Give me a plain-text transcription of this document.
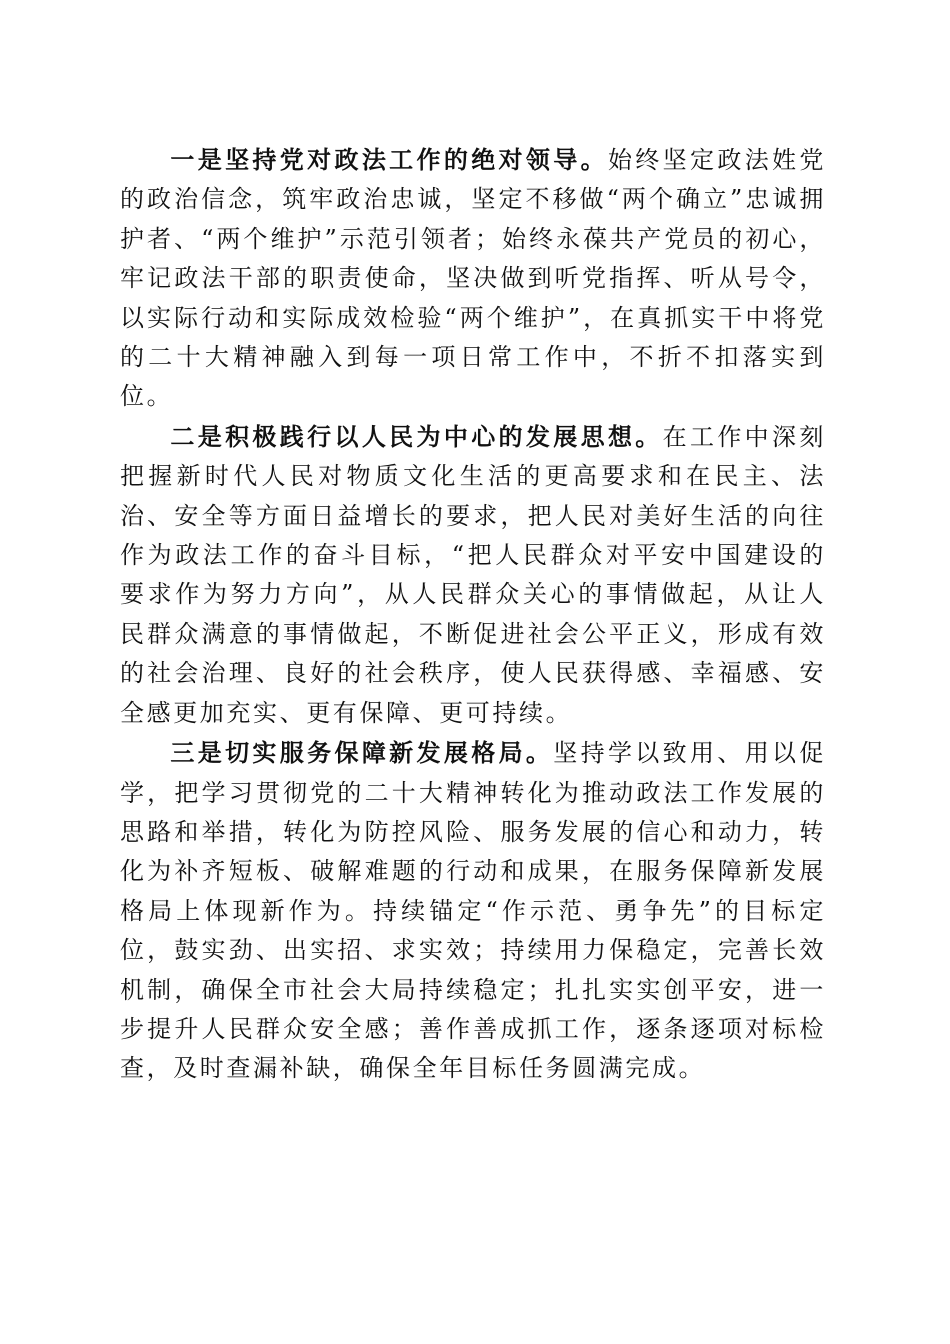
一是坚持党对政法工作的绝对领导。始终坚定政法姓党的政治信念，筑牢政治忠诚，坚定不移做“两个确立”忠诚拥护者、“两个维护”示范引领者；始终永葆共产党员的初心，牢记政法干部的职责使命，坚决做到听党指挥、听从号令，以实际行动和实际成效检验“两个维护”，在真抓实干中将党的二十大精神融入到每一项日常工作中，不折不扣落实到位。

二是积极践行以人民为中心的发展思想。在工作中深刻把握新时代人民对物质文化生活的更高要求和在民主、法治、安全等方面日益增长的要求，把人民对美好生活的向往作为政法工作的奋斗目标，“把人民群众对平安中国建设的要求作为努力方向”，从人民群众关心的事情做起，从让人民群众满意的事情做起，不断促进社会公平正义，形成有效的社会治理、良好的社会秩序，使人民获得感、幸福感、安全感更加充实、更有保障、更可持续。

三是切实服务保障新发展格局。坚持学以致用、用以促学，把学习贯彻党的二十大精神转化为推动政法工作发展的思路和举措，转化为防控风险、服务发展的信心和动力，转化为补齐短板、破解难题的行动和成果，在服务保障新发展格局上体现新作为。持续锚定“作示范、勇争先”的目标定位，鼓实劲、出实招、求实效；持续用力保稳定，完善长效机制，确保全市社会大局持续稳定；扎扎实实创平安，进一步提升人民群众安全感；善作善成抓工作，逐条逐项对标检查，及时查漏补缺，确保全年目标任务圆满完成。
